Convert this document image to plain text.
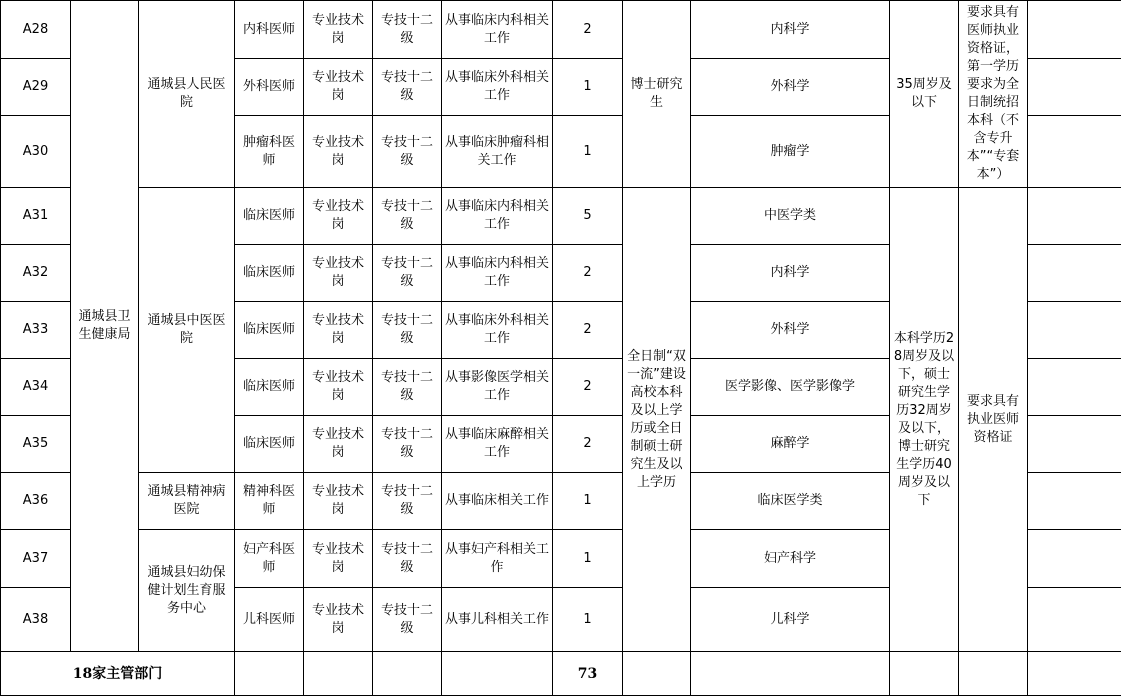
A28	通城县卫生健康局	通城县人民医院	内科医师	专业技术岗	专技十二级	从事临床内科相关工作	2	博士研究生	内科学	35周岁及以下	要求具有医师执业资格证，第一学历要求为全日制统招本科（不含专升本”“专套本”）	
A29			外科医师	专业技术岗	专技十二级	从事临床外科相关工作	1		外科学			
A30			肿瘤科医师	专业技术岗	专技十二级	从事临床肿瘤科相关工作	1		肿瘤学			
A31		通城县中医医院	临床医师	专业技术岗	专技十二级	从事临床内科相关工作	5	全日制“双一流”建设高校本科及以上学历或全日制硕士研究生及以上学历	中医学类	本科学历28周岁及以下，硕士研究生学历32周岁及以下，博士研究生学历40周岁及以下	要求具有执业医师资格证	
A32			临床医师	专业技术岗	专技十二级	从事临床内科相关工作	2		内科学			
A33			临床医师	专业技术岗	专技十二级	从事临床外科相关工作	2		外科学			
A34			临床医师	专业技术岗	专技十二级	从事影像医学相关工作	2		医学影像、医学影像学			
A35			临床医师	专业技术岗	专技十二级	从事临床麻醉相关工作	2		麻醉学			
A36		通城县精神病医院	精神科医师	专业技术岗	专技十二级	从事临床相关工作	1		临床医学类			
A37		通城县妇幼保健计划生育服务中心	妇产科医师	专业技术岗	专技十二级	从事妇产科相关工作	1		妇产科学			
A38			儿科医师	专业技术岗	专技十二级	从事儿科相关工作	1		儿科学			
18家主管部门							73					
